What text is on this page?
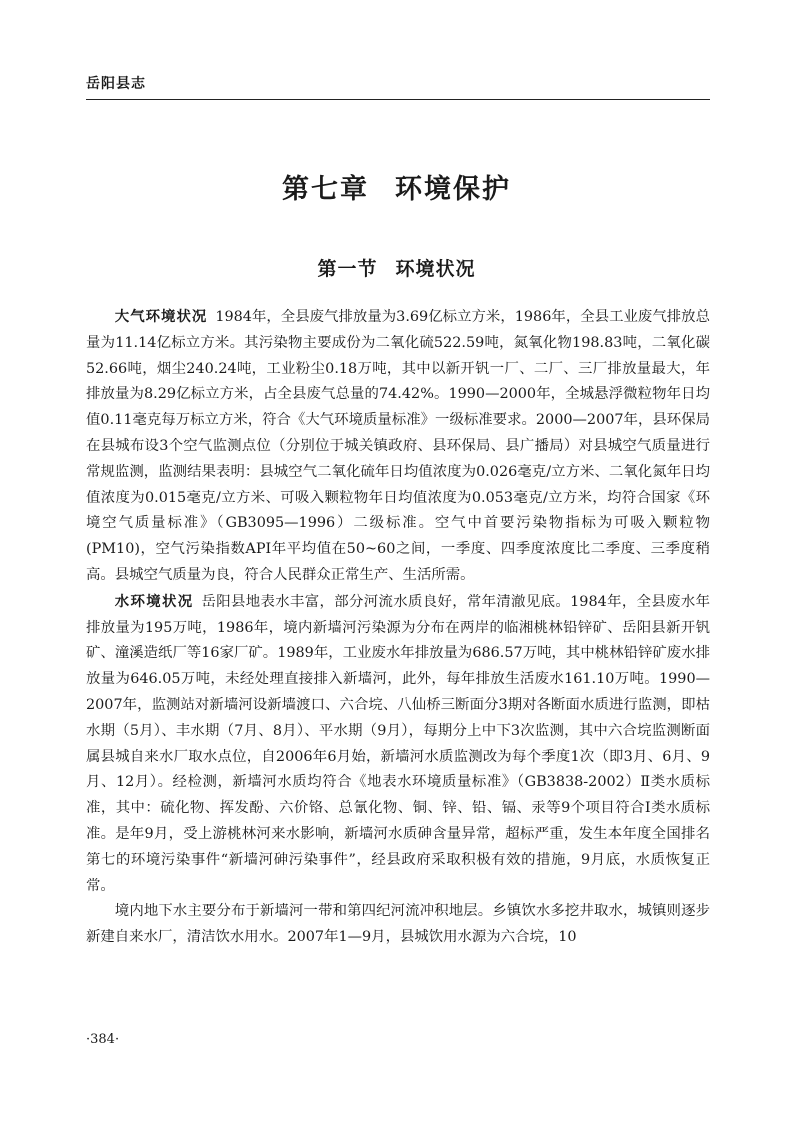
岳阳县志
第七章 环境保护
第一节 环境状况

大气环境状况 1984年，全县废气排放量为3.69亿标立方米，1986年，全县工业废气排放总量为11.14亿标立方米。其污染物主要成份为二氧化硫522.59吨，氮氧化物198.83吨，二氧化碳52.66吨，烟尘240.24吨，工业粉尘0.18万吨，其中以新开钒一厂、二厂、三厂排放量最大，年排放量为8.29亿标立方米，占全县废气总量的74.42%。1990—2000年，全城悬浮微粒物年日均值0.11毫克每万标立方米，符合《大气环境质量标准》一级标准要求。2000—2007年，县环保局在县城布设3个空气监测点位（分别位于城关镇政府、县环保局、县广播局）对县城空气质量进行常规监测，监测结果表明：县城空气二氧化硫年日均值浓度为0.026毫克/立方米、二氧化氮年日均值浓度为0.015毫克/立方米、可吸入颗粒物年日均值浓度为0.053毫克/立方米，均符合国家《环境空气质量标准》（GB3095—1996）二级标准。空气中首要污染物指标为可吸入颗粒物(PM10)，空气污染指数API年平均值在50~60之间，一季度、四季度浓度比二季度、三季度稍高。县城空气质量为良，符合人民群众正常生产、生活所需。

水环境状况 岳阳县地表水丰富，部分河流水质良好，常年清澈见底。1984年，全县废水年排放量为195万吨，1986年，境内新墙河污染源为分布在两岸的临湘桃林铅锌矿、岳阳县新开钒矿、潼溪造纸厂等16家厂矿。1989年，工业废水年排放量为686.57万吨，其中桃林铅锌矿废水排放量为646.05万吨，未经处理直接排入新墙河，此外，每年排放生活废水161.10万吨。1990—2007年，监测站对新墙河设新墙渡口、六合垸、八仙桥三断面分3期对各断面水质进行监测，即枯水期（5月）、丰水期（7月、8月）、平水期（9月），每期分上中下3次监测，其中六合垸监测断面属县城自来水厂取水点位，自2006年6月始，新墙河水质监测改为每个季度1次（即3月、6月、9月、12月）。经检测，新墙河水质均符合《地表水环境质量标准》（GB3838-2002）Ⅱ类水质标准，其中：硫化物、挥发酚、六价铬、总氰化物、铜、锌、铅、镉、汞等9个项目符合Ⅰ类水质标准。是年9月，受上游桃林河来水影响，新墙河水质砷含量异常，超标严重，发生本年度全国排名第七的环境污染事件“新墙河砷污染事件”，经县政府采取积极有效的措施，9月底，水质恢复正常。

境内地下水主要分布于新墙河一带和第四纪河流冲积地层。乡镇饮水多挖井取水，城镇则逐步新建自来水厂，清洁饮水用水。2007年1—9月，县城饮用水源为六合垸，10

·384·
